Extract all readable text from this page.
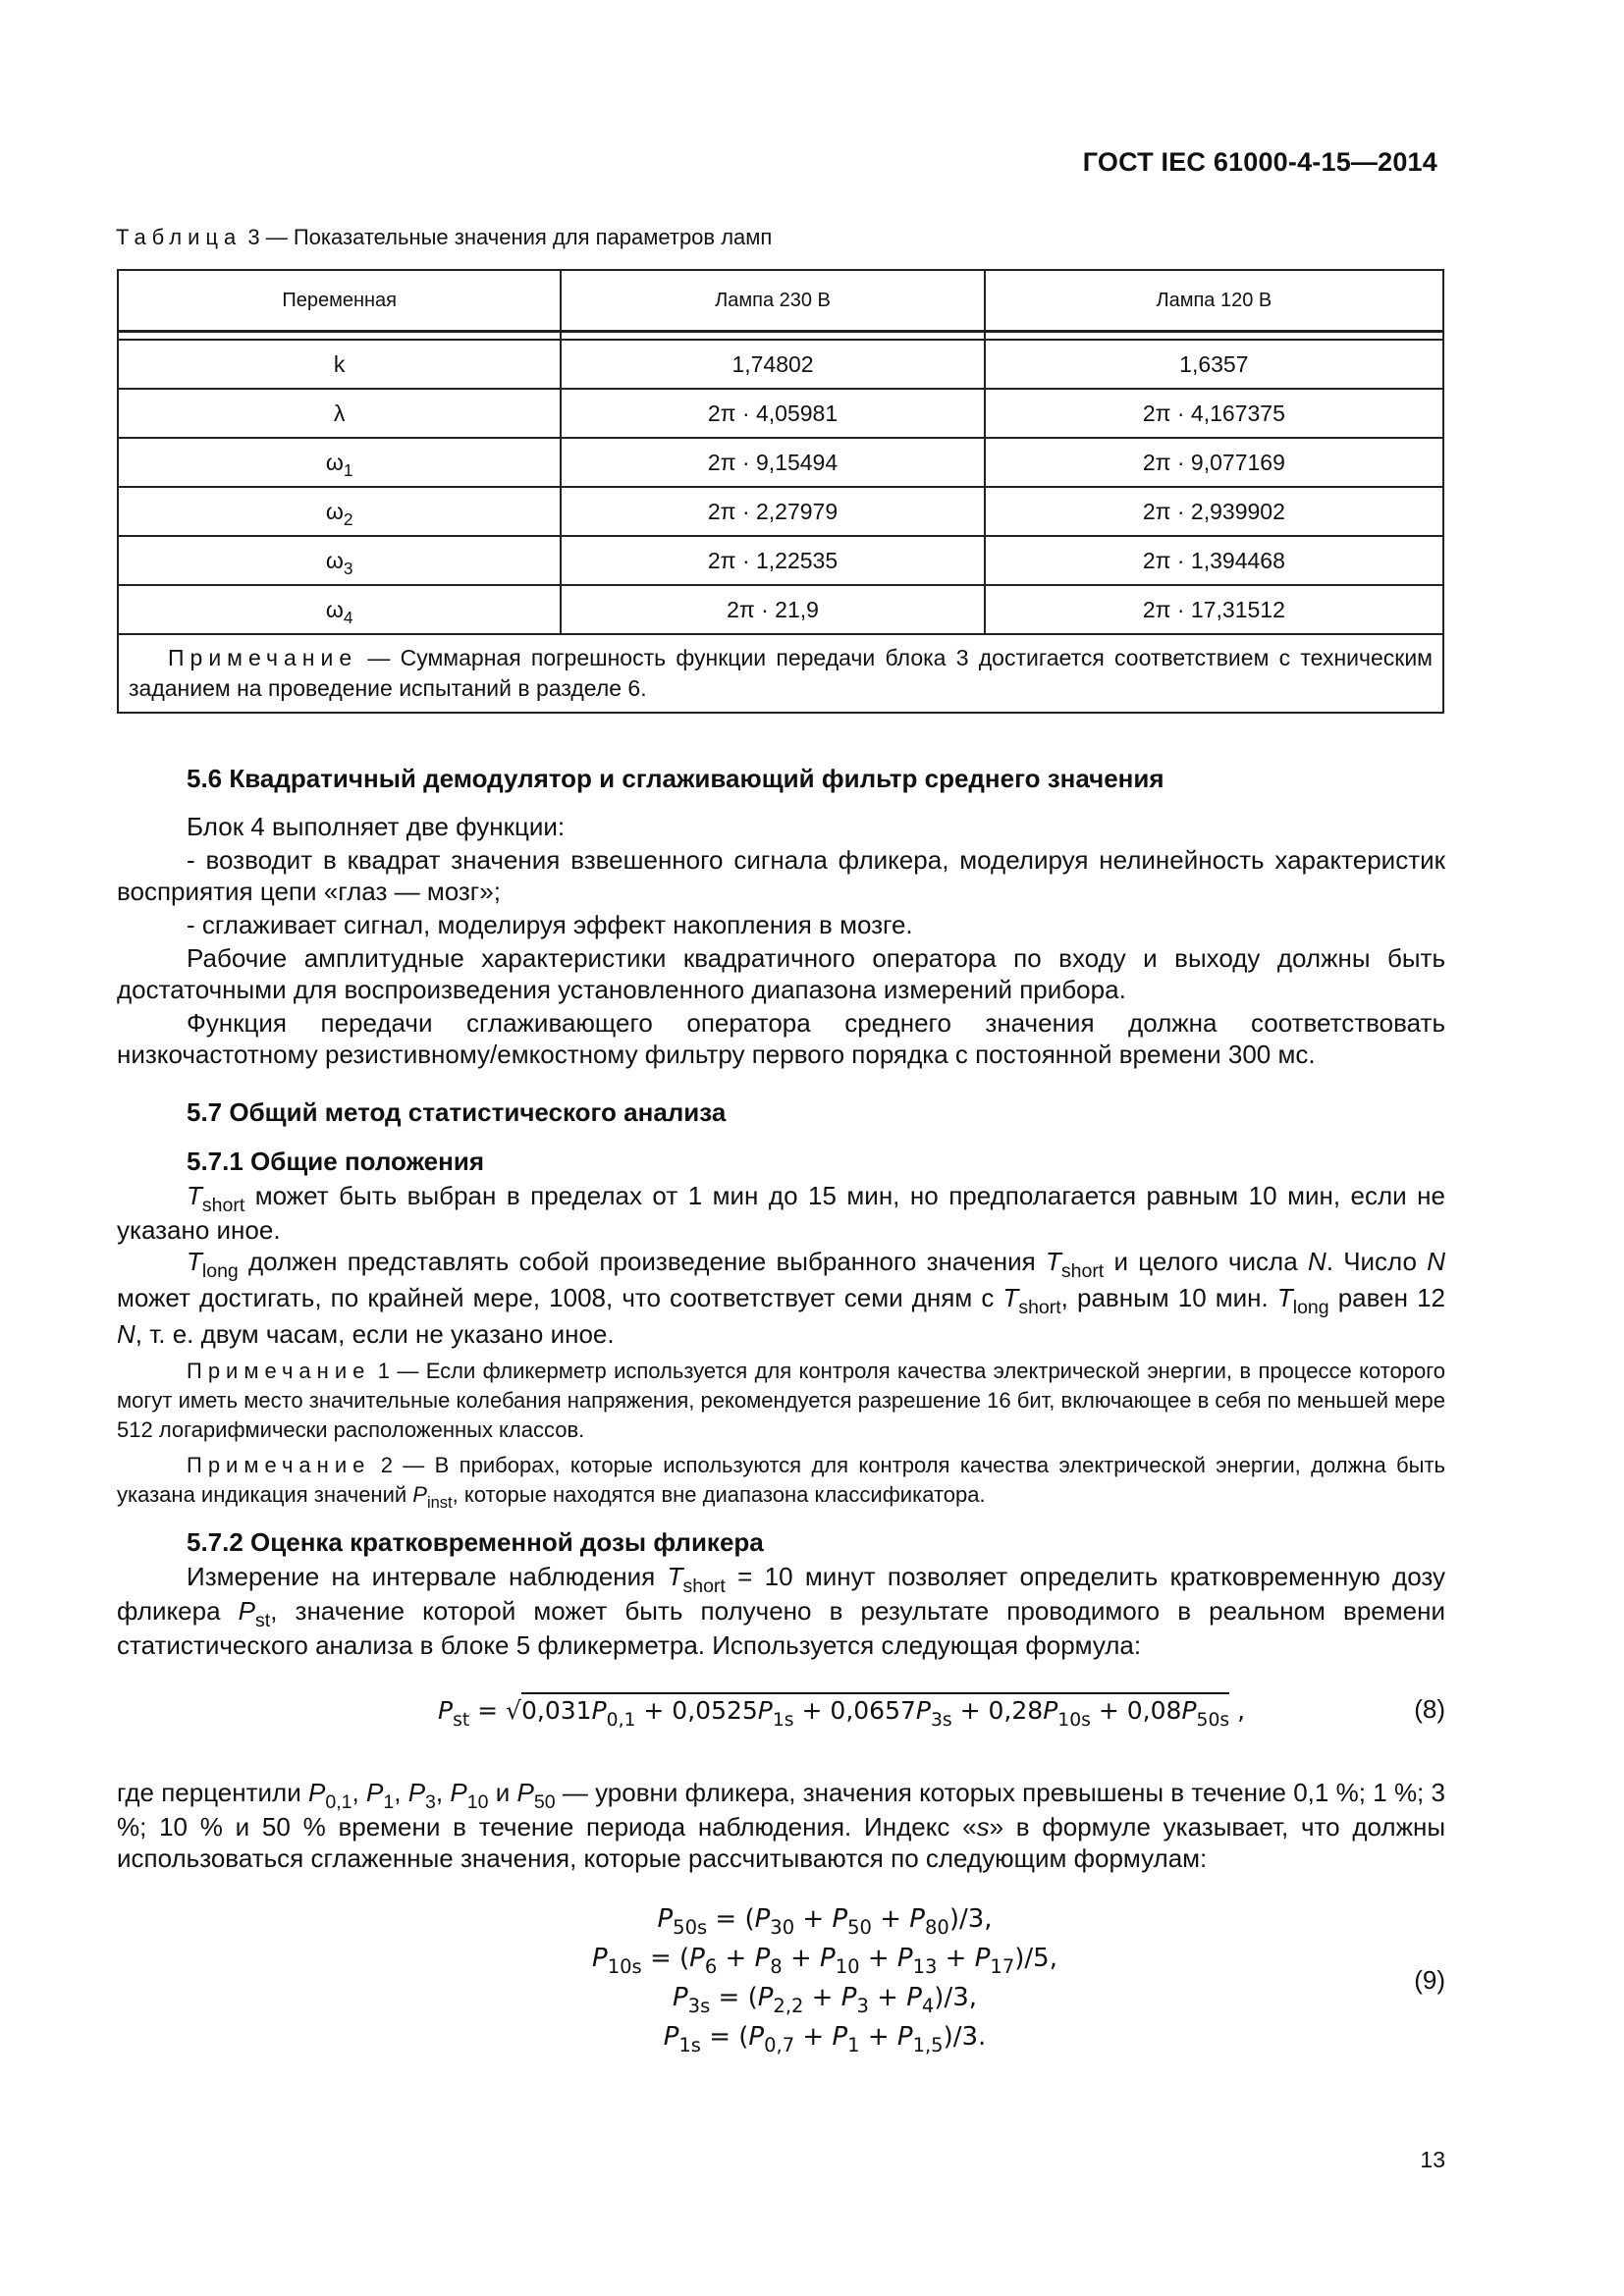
ГОСТ IEC 61000-4-15—2014
Таблица 3 — Показательные значения для параметров ламп
Переменная	Лампа 230 В	Лампа 120 В

k	1,74802	1,6357
λ	2π · 4,05981	2π · 4,167375
$\omega_1$	2π · 9,15494	2π · 9,077169
$\omega_2$	2π · 2,27979	2π · 2,939902
$\omega_3$	2π · 1,22535	2π · 1,394468
$\omega_4$	2π · 21,9	2π · 17,31512
Примечание — Суммарная погрешность функции передачи блока 3 достигается соответствием с техническим заданием на проведение испытаний в разделе 6.		
5.6 Квадратичный демодулятор и сглаживающий фильтр среднего значения
Блок 4 выполняет две функции:
- возводит в квадрат значения взвешенного сигнала фликера, моделируя нелинейность характеристик восприятия цепи «глаз — мозг»;
- сглаживает сигнал, моделируя эффект накопления в мозге.
Рабочие амплитудные характеристики квадратичного оператора по входу и выходу должны быть достаточными для воспроизведения установленного диапазона измерений прибора.
Функция передачи сглаживающего оператора среднего значения должна соответствовать низкочастотному резистивному/емкостному фильтру первого порядка с постоянной времени 300 мс.
5.7 Общий метод статистического анализа
5.7.1 Общие положения
$T_{short}$ может быть выбран в пределах от 1 мин до 15 мин, но предполагается равным 10 мин, если не указано иное.
$T_{long}$ должен представлять собой произведение выбранного значения $T_{short}$ и целого числа N. Число N может достигать, по крайней мере, 1008, что соответствует семи дням с $T_{short}$, равным 10 мин. $T_{long}$ равен 12 N, т. е. двум часам, если не указано иное.
Примечание 1 — Если фликерметр используется для контроля качества электрической энергии, в процессе которого могут иметь место значительные колебания напряжения, рекомендуется разрешение 16 бит, включающее в себя по меньшей мере 512 логарифмически расположенных классов.
Примечание 2 — В приборах, которые используются для контроля качества электрической энергии, должна быть указана индикация значений $P_{inst}$, которые находятся вне диапазона классификатора.
5.7.2 Оценка кратковременной дозы фликера
Измерение на интервале наблюдения $T_{short} = 10$ минут позволяет определить кратковременную дозу фликера $P_{st}$, значение которой может быть получено в результате проводимого в реальном времени статистического анализа в блоке 5 фликерметра. Используется следующая формула:
$P_{st} = √0,031P_{0,1} + 0,0525P_{1s} + 0,0657P_{3s} + 0,28P_{10s} + 0,08P_{50s}$ ,	(8)
где перцентили $P_{0,1}$, $P_1$, $P_3$, $P_{10}$ и $P_{50}$ — уровни фликера, значения которых превышены в течение 0,1 %; 1 %; 3 %; 10 % и 50 % времени в течение периода наблюдения. Индекс «s» в формуле указывает, что должны использоваться сглаженные значения, которые рассчитываются по следующим формулам:
$P_{50s} = (P_{30} + P_{50} + P_{80})/3$,
$P_{10s} = (P_6 + P_8 + P_{10} + P_{13} + P_{17})/5$,
$P_{3s} = (P_{2,2} + P_3 + P_4)/3$,
$P_{1s} = (P_{0,7} + P_1 + P_{1,5})/3$.
(9)
13
